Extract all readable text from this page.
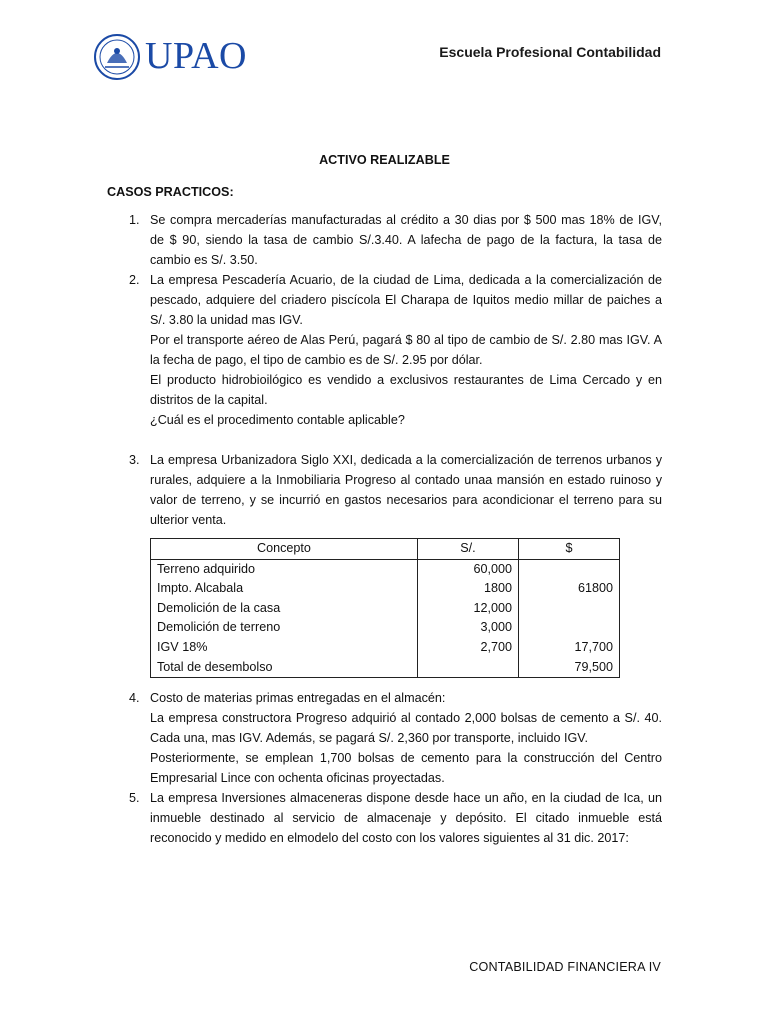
UPAO	Escuela Profesional Contabilidad
ACTIVO REALIZABLE
CASOS PRACTICOS:
1. Se compra mercaderías manufacturadas al crédito a 30 dias por $ 500 mas 18% de IGV, de $ 90, siendo la tasa de cambio S/.3.40. A lafecha de pago de la factura, la tasa de cambio es S/. 3.50.

2. La empresa Pescadería Acuario, de la ciudad de Lima, dedicada a la comercialización de pescado, adquiere del criadero piscícola El Charapa de Iquitos medio millar de paiches a S/. 3.80 la unidad mas IGV.

Por el transporte aéreo de Alas Perú, pagará $ 80 al tipo de cambio de S/. 2.80 mas IGV. A la fecha de pago, el tipo de cambio es de S/. 2.95 por dólar.

El producto hidrobioilógico es vendido a exclusivos restaurantes de Lima Cercado y en distritos de la capital.

¿Cuál es el procedimento contable aplicable?

3. La empresa Urbanizadora Siglo XXI, dedicada a la comercialización de terrenos urbanos y rurales, adquiere a la Inmobiliaria Progreso al contado unaa mansión en estado ruinoso y valor de terreno, y se incurrió en gastos necesarios para acondicionar el terreno para su ulterior venta.

Concepto	S/.	$
Terreno adquirido	60,000	
Impto. Alcabala	1800	61800
Demolición de la casa	12,000	
Demolición de terreno	3,000	
IGV 18%	2,700	17,700
Total de desembolso		79,500
4. Costo de materias primas entregadas en el almacén:

La empresa constructora Progreso adquirió al contado 2,000 bolsas de cemento a S/. 40. Cada una, mas IGV. Además, se pagará S/. 2,360 por transporte, incluido IGV.

Posteriormente, se emplean 1,700 bolsas de cemento para la construcción del Centro Empresarial Lince con ochenta oficinas proyectadas.

5. La empresa Inversiones almaceneras dispone desde hace un año, en la ciudad de Ica, un inmueble destinado al servicio de almacenaje y depósito. El citado inmueble está reconocido y medido en elmodelo del costo con los valores siguientes al 31 dic. 2017:

CONTABILIDAD FINANCIERA IV
